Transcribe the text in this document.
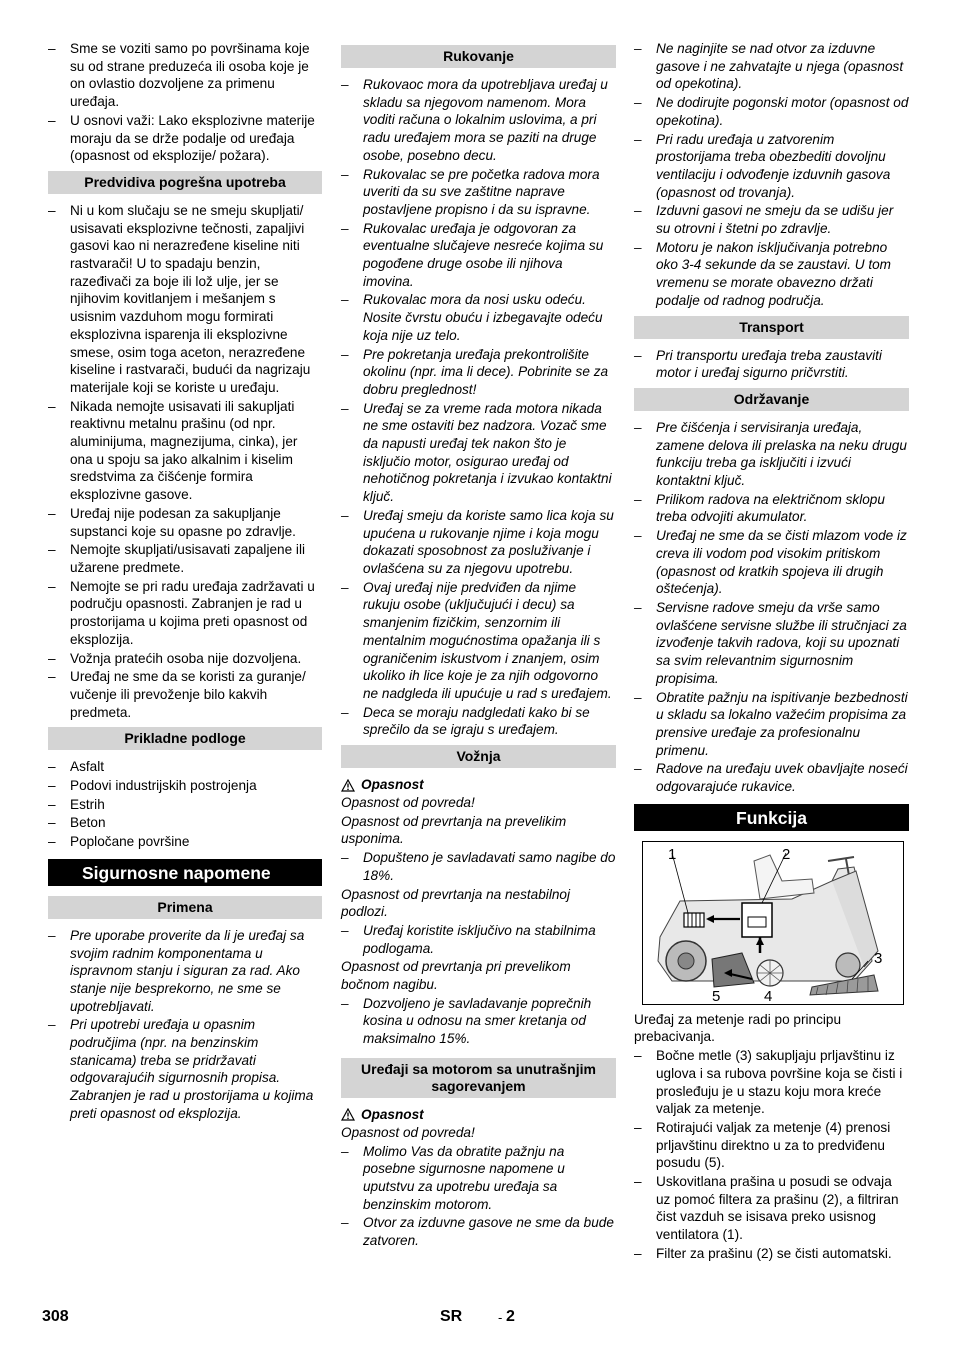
– Sme se voziti samo po površinama koje su od strane preduzeća ili osoba koje je on ovlastio dozvoljene za primenu uređaja.
– U osnovi važi: Lako eksplozivne materije moraju da se drže podalje od uređaja (opasnost od eksplozije/ požara).
Predvidiva pogrešna upotreba
– Ni u kom slučaju se ne smeju skupljati/ usisavati eksplozivne tečnosti, zapaljivi gasovi kao ni nerazređene kiseline niti rastvarači! U to spadaju benzin, razeđivači za boje ili lož ulje, jer se njihovim kovitlanjem i mešanjem s usisnim vazduhom mogu formirati eksplozivna isparenja ili eksplozivne smese, osim toga aceton, nerazređene kiseline i rastvarači, budući da nagrizaju materijale koji se koriste u uređaju.
– Nikada nemojte usisavati ili sakupljati reaktivnu metalnu prašinu (od npr. aluminijuma, magnezijuma, cinka), jer ona u spoju sa jako alkalnim i kiselim sredstvima za čišćenje formira eksplozivne gasove.
– Uređaj nije podesan za sakupljanje supstanci koje su opasne po zdravlje.
– Nemojte skupljati/usisavati zapaljene ili užarene predmete.
– Nemojte se pri radu uređaja zadržavati u području opasnosti. Zabranjen je rad u prostorijama u kojima preti opasnost od eksplozija.
– Vožnja pratećih osoba nije dozvoljena.
– Uređaj ne sme da se koristi za guranje/ vučenje ili prevoženje bilo kakvih predmeta.
Prikladne podloge
– Asfalt
– Podovi industrijskih postrojenja
– Estrih
– Beton
– Popločane površine
Sigurnosne napomene
Primena
– Pre uporabe proverite da li je uređaj sa svojim radnim komponentama u ispravnom stanju i siguran za rad. Ako stanje nije besprekorno, ne sme se upotrebljavati.
– Pri upotrebi uređaja u opasnim područjima (npr. na benzinskim stanicama) treba se pridržavati odgovarajućih sigurnosnih propisa. Zabranjen je rad u prostorijama u kojima preti opasnost od eksplozija.
Rukovanje
– Rukovaoc mora da upotrebljava uređaj u skladu sa njegovom namenom. Mora voditi računa o lokalnim uslovima, a pri radu uređajem mora se paziti na druge osobe, posebno decu.
– Rukovalac se pre početka radova mora uveriti da su sve zaštitne naprave postavljene propisno i da su ispravne.
– Rukovalac uređaja je odgovoran za eventualne slučajeve nesreće kojima su pogođene druge osobe ili njihova imovina.
– Rukovalac mora da nosi usku odeću. Nosite čvrstu obuću i izbegavajte odeću koja nije uz telo.
– Pre pokretanja uređaja prekontrolišite okolinu (npr. ima li dece). Pobrinite se za dobru preglednost!
– Uređaj se za vreme rada motora nikada ne sme ostaviti bez nadzora. Vozač sme da napusti uređaj tek nakon što je isključio motor, osigurao uređaj od nehotičnog pokretanja i izvukao kontaktni ključ.
– Uređaj smeju da koriste samo lica koja su upućena u rukovanje njime i koja mogu dokazati sposobnost za posluživanje i ovlašćena su za njegovu upotrebu.
– Ovaj uređaj nije predviđen da njime rukuju osobe (uključujući i decu) sa smanjenim fizičkim, senzornim ili mentalnim mogućnostima opažanja ili s ograničenim iskustvom i znanjem, osim ukoliko ih lice koje je za njih odgovorno ne nadgleda ili upućuje u rad s uređajem.
– Deca se moraju nadgledati kako bi se sprečilo da se igraju s uređajem.
Vožnja
Opasnost
Opasnost od povreda!
Opasnost od prevrtanja na prevelikim usponima.
– Dopušteno je savladavati samo nagibe do 18%.
Opasnost od prevrtanja na nestabilnoj podlozi.
– Uređaj koristite isključivo na stabilnima podlogama.
Opasnost od prevrtanja pri prevelikom bočnom nagibu.
– Dozvoljeno je savladavanje poprečnih kosina u odnosu na smer kretanja od maksimalno 15%.
Uređaji sa motorom sa unutrašnjim sagorevanjem
Opasnost
Opasnost od povreda!
– Molimo Vas da obratite pažnju na posebne sigurnosne napomene u uputstvu za upotrebu uređaja sa benzinskim motorom.
– Otvor za izduvne gasove ne sme da bude zatvoren.
– Ne naginjite se nad otvor za izduvne gasove i ne zahvatajte u njega (opasnost od opekotina).
– Ne dodirujte pogonski motor (opasnost od opekotina).
– Pri radu uređaja u zatvorenim prostorijama treba obezbediti dovoljnu ventilaciju i odvođenje izduvnih gasova (opasnost od trovanja).
– Izduvni gasovi ne smeju da se udišu jer su otrovni i štetni po zdravlje.
– Motoru je nakon isključivanja potrebno oko 3-4 sekunde da se zaustavi. U tom vremenu se morate obavezno držati podalje od radnog područja.
Transport
– Pri transportu uređaja treba zaustaviti motor i uređaj sigurno pričvrstiti.
Održavanje
– Pre čišćenja i servisiranja uređaja, zamene delova ili prelaska na neku drugu funkciju treba ga isključiti i izvući kontaktni ključ.
– Prilikom radova na električnom sklopu treba odvojiti akumulator.
– Uređaj ne sme da se čisti mlazom vode iz creva ili vodom pod visokim pritiskom (opasnost od kratkih spojeva ili drugih oštećenja).
– Servisne radove smeju da vrše samo ovlašćene servisne službe ili stručnjaci za izvođenje takvih radova, koji su upoznati sa svim relevantnim sigurnosnim propisima.
– Obratite pažnju na ispitivanje bezbednosti u skladu sa lokalno važećim propisima za prensive uređaje za profesionalnu primenu.
– Radove na uređaju uvek obavljajte noseći odgovarajuće rukavice.
Funkcija
1	2
3
4
5
Uređaj za metenje radi po principu prebacivanja.
– Bočne metle (3) sakupljaju prljavštinu iz uglova i sa rubova površine koja se čisti i prosleđuju je u stazu koju mora kreće valjak za metenje.
– Rotirajući valjak za metenje (4) prenosi prljavštinu direktno u za to predviđenu posudu (5).
– Uskovitlana prašina u posudi se odvaja uz pomoć filtera za prašinu (2), a filtriran čist vazduh se isisava preko usisnog ventilatora (1).
– Filter za prašinu (2) se čisti automatski.
308	SR	- 2
